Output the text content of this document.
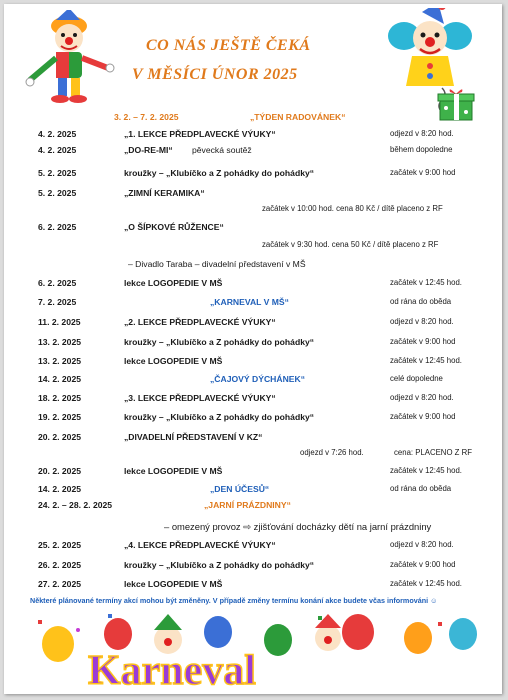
CO NÁS JEŠTĚ ČEKÁ
V MĚSÍCI ÚNOR 2025
3. 2. – 7. 2. 2025	„TÝDEN RADOVÁNEK“
4. 2. 2025	„1. LEKCE PŘEDPLAVECKÉ VÝUKY“	odjezd v 8:20 hod.
4. 2. 2025	„DO-RE-MI“ pěvecká soutěž	během dopoledne
5. 2. 2025	kroužky – „Klubíčko a Z pohádky do pohádky“	začátek v 9:00 hod
5. 2. 2025	„ZIMNÍ KERAMIKA“
začátek v 10:00 hod. cena 80 Kč / dítě placeno z RF
6. 2. 2025	„O ŠÍPKOVÉ RŮŽENCE“
začátek v 9:30 hod. cena 50 Kč / dítě placeno z RF
– Divadlo Taraba – divadelní představení v MŠ
6. 2. 2025	lekce LOGOPEDIE V MŠ	začátek v 12:45 hod.
7. 2. 2025	„KARNEVAL V MŠ“	od rána do oběda
11. 2. 2025	„2. LEKCE PŘEDPLAVECKÉ VÝUKY“	odjezd v 8:20 hod.
13. 2. 2025	kroužky – „Klubíčko a Z pohádky do pohádky“	začátek v 9:00 hod
13. 2. 2025	lekce LOGOPEDIE V MŠ	začátek v 12:45 hod.
14. 2. 2025	„ČAJOVÝ DÝCHÁNEK“	celé dopoledne
18. 2. 2025	„3. LEKCE PŘEDPLAVECKÉ VÝUKY“	odjezd v 8:20 hod.
19. 2. 2025	kroužky – „Klubíčko a Z pohádky do pohádky“	začátek v 9:00 hod
20. 2. 2025	„DIVADELNÍ PŘEDSTAVENÍ V KZ“
odjezd v 7:26 hod.	cena: PLACENO Z RF
20. 2. 2025	lekce LOGOPEDIE V MŠ	začátek v 12:45 hod.
14. 2. 2025	„DEN ÚČESŮ“	od rána do oběda
24. 2. – 28. 2. 2025	„JARNÍ PRÁZDNINY“
– omezený provoz ⇨ zjišťování docházky dětí na jarní prázdniny
25. 2. 2025	„4. LEKCE PŘEDPLAVECKÉ VÝUKY“	odjezd v 8:20 hod.
26. 2. 2025	kroužky – „Klubíčko a Z pohádky do pohádky“	začátek v 9:00 hod
27. 2. 2025	lekce LOGOPEDIE V MŠ	začátek v 12:45 hod.
Některé plánované termíny akcí mohou být změněny. V případě změny termínu konání akce budete včas informováni ☺
Karneval
